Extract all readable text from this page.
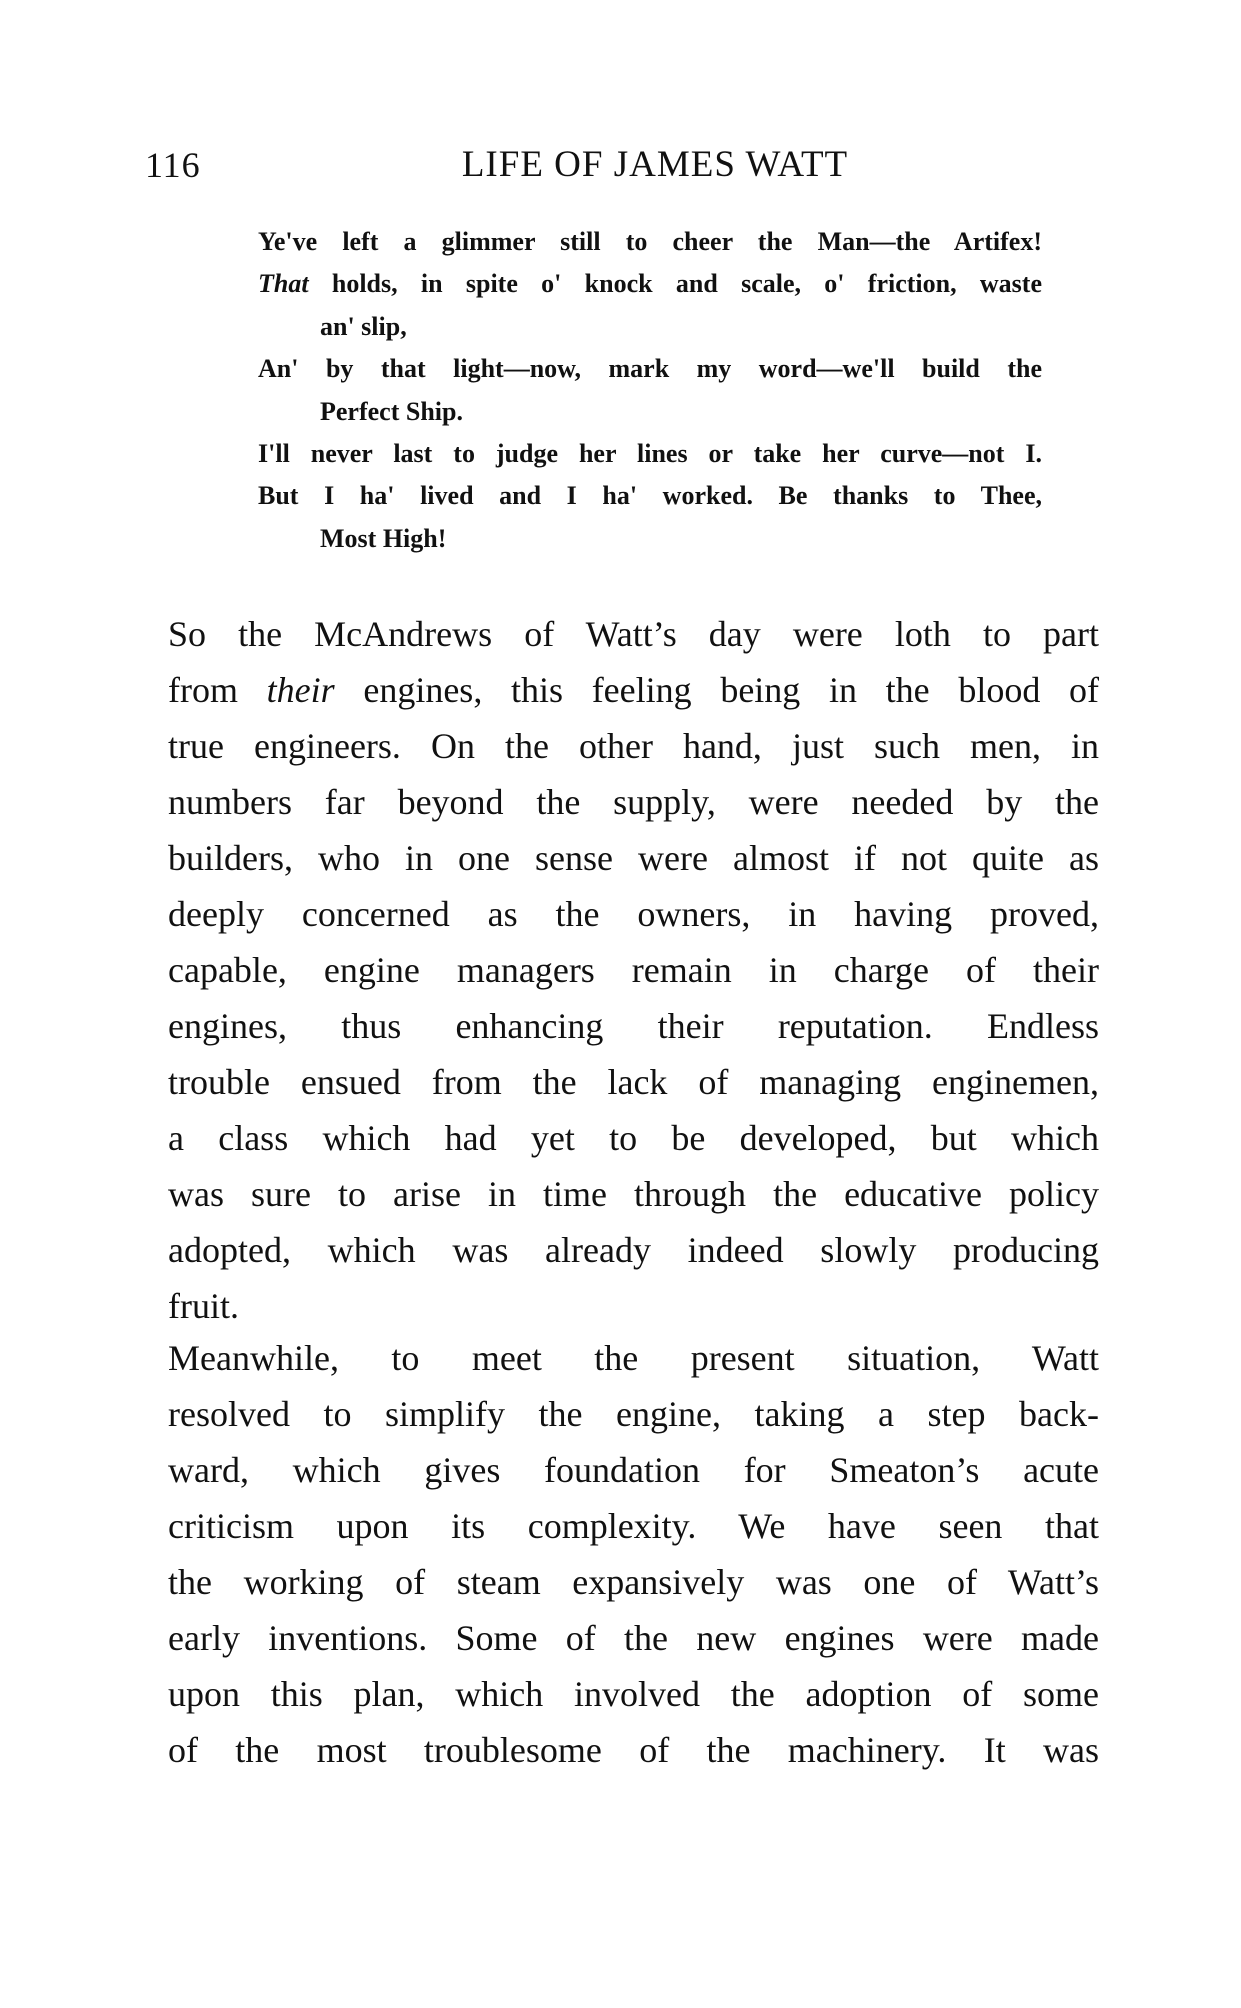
116	LIFE OF JAMES WATT
Ye've left a glimmer still to cheer the Man—the Artifex!
That holds, in spite o' knock and scale, o' friction, waste
an' slip,
An' by that light—now, mark my word—we'll build the
Perfect Ship.
I'll never last to judge her lines or take her curve—not I.
But I ha' lived and I ha' worked. Be thanks to Thee,
Most High!
So the McAndrews of Watt’s day were loth to part
from their engines, this feeling being in the blood of
true engineers. On the other hand, just such men, in
numbers far beyond the supply, were needed by the
builders, who in one sense were almost if not quite as
deeply concerned as the owners, in having proved,
capable, engine managers remain in charge of their
engines, thus enhancing their reputation. Endless
trouble ensued from the lack of managing enginemen,
a class which had yet to be developed, but which
was sure to arise in time through the educative policy
adopted, which was already indeed slowly producing
fruit.
Meanwhile, to meet the present situation, Watt
resolved to simplify the engine, taking a step back-
ward, which gives foundation for Smeaton’s acute
criticism upon its complexity. We have seen that
the working of steam expansively was one of Watt’s
early inventions. Some of the new engines were made
upon this plan, which involved the adoption of some
of the most troublesome of the machinery. It was
